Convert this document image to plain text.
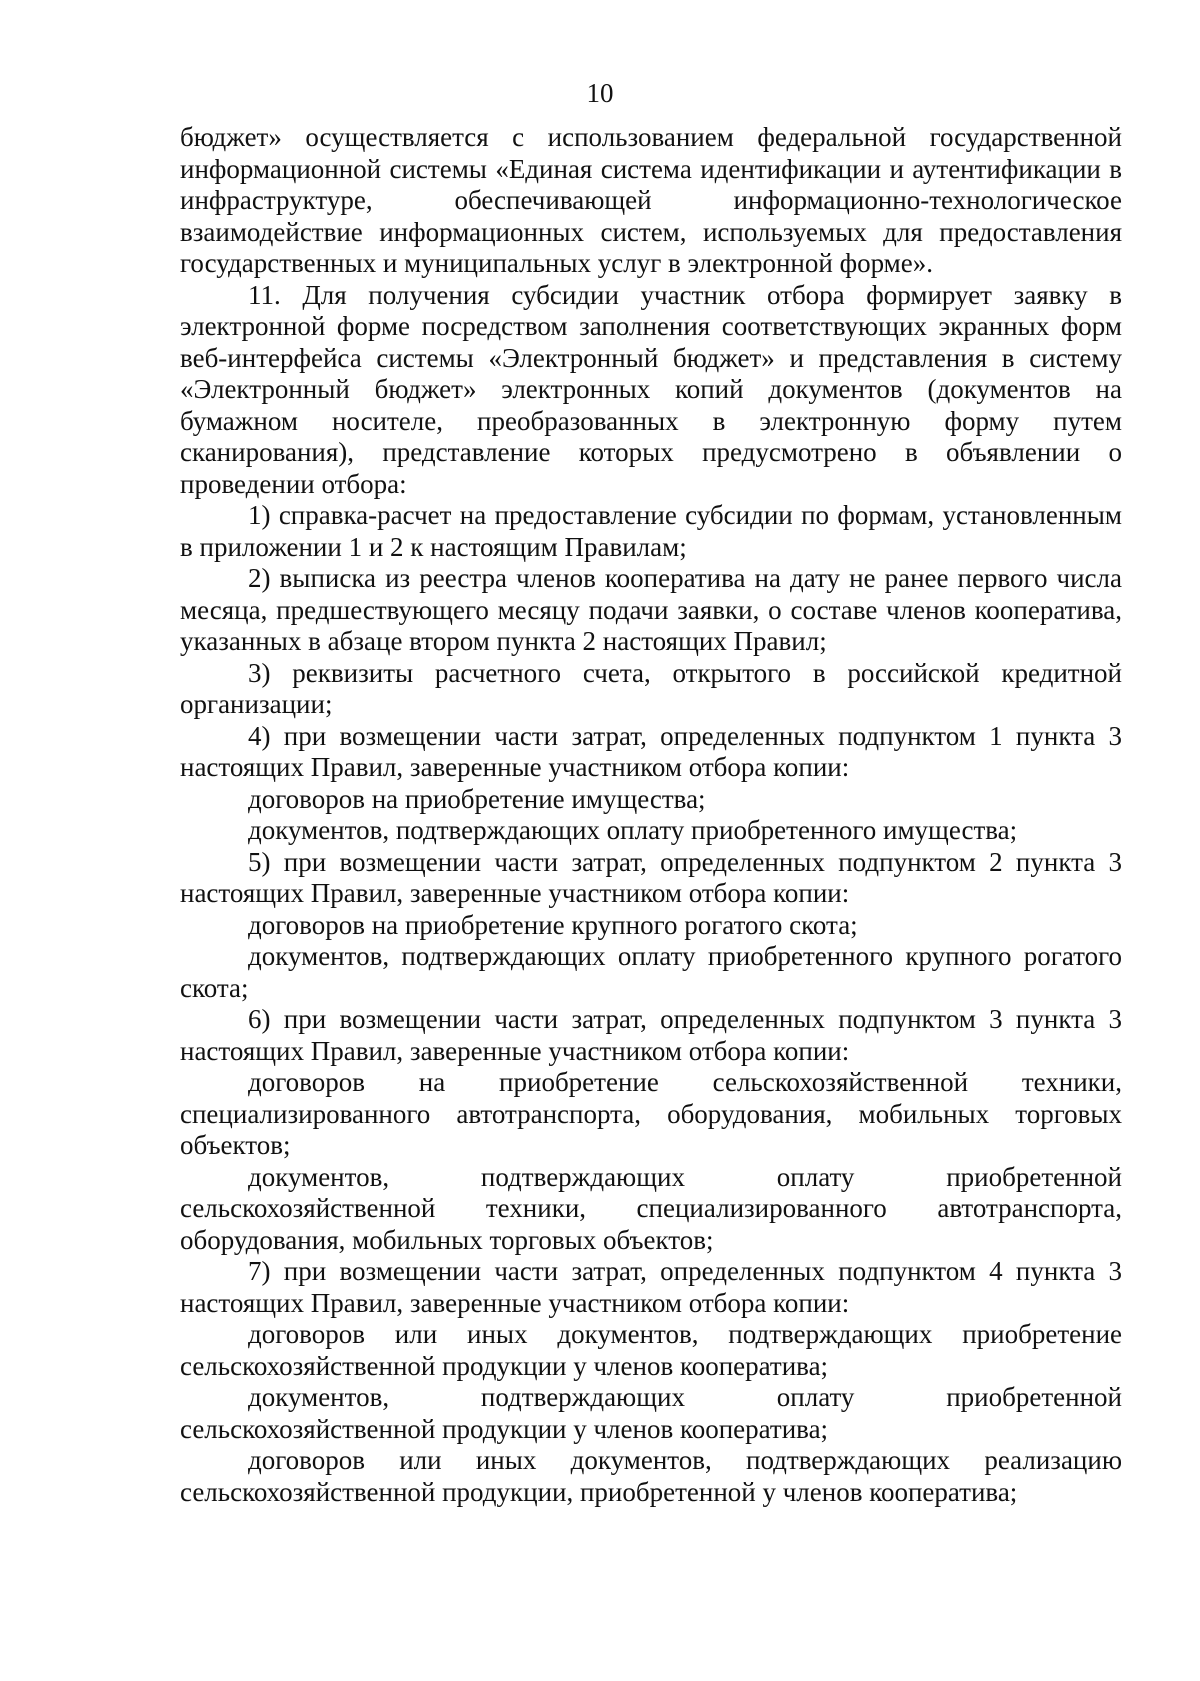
10

бюджет» осуществляется с использованием федеральной государственной информационной системы «Единая система идентификации и аутентификации в инфраструктуре, обеспечивающей информационно-технологическое взаимодействие информационных систем, используемых для предоставления государственных и муниципальных услуг в электронной форме».

11. Для получения субсидии участник отбора формирует заявку в электронной форме посредством заполнения соответствующих экранных форм веб-интерфейса системы «Электронный бюджет» и представления в систему «Электронный бюджет» электронных копий документов (документов на бумажном носителе, преобразованных в электронную форму путем сканирования), представление которых предусмотрено в объявлении о проведении отбора:

1) справка-расчет на предоставление субсидии по формам, установленным в приложении 1 и 2 к настоящим Правилам;

2) выписка из реестра членов кооператива на дату не ранее первого числа месяца, предшествующего месяцу подачи заявки, о составе членов кооператива, указанных в абзаце втором пункта 2 настоящих Правил;

3) реквизиты расчетного счета, открытого в российской кредитной организации;

4) при возмещении части затрат, определенных подпунктом 1 пункта 3 настоящих Правил, заверенные участником отбора копии:

договоров на приобретение имущества;

документов, подтверждающих оплату приобретенного имущества;

5) при возмещении части затрат, определенных подпунктом 2 пункта 3 настоящих Правил, заверенные участником отбора копии:

договоров на приобретение крупного рогатого скота;

документов, подтверждающих оплату приобретенного крупного рогатого скота;

6) при возмещении части затрат, определенных подпунктом 3 пункта 3 настоящих Правил, заверенные участником отбора копии:

договоров на приобретение сельскохозяйственной техники, специализированного автотранспорта, оборудования, мобильных торговых объектов;

документов, подтверждающих оплату приобретенной сельскохозяйственной техники, специализированного автотранспорта, оборудования, мобильных торговых объектов;

7) при возмещении части затрат, определенных подпунктом 4 пункта 3 настоящих Правил, заверенные участником отбора копии:

договоров или иных документов, подтверждающих приобретение сельскохозяйственной продукции у членов кооператива;

документов, подтверждающих оплату приобретенной сельскохозяйственной продукции у членов кооператива;

договоров или иных документов, подтверждающих реализацию сельскохозяйственной продукции, приобретенной у членов кооператива;
